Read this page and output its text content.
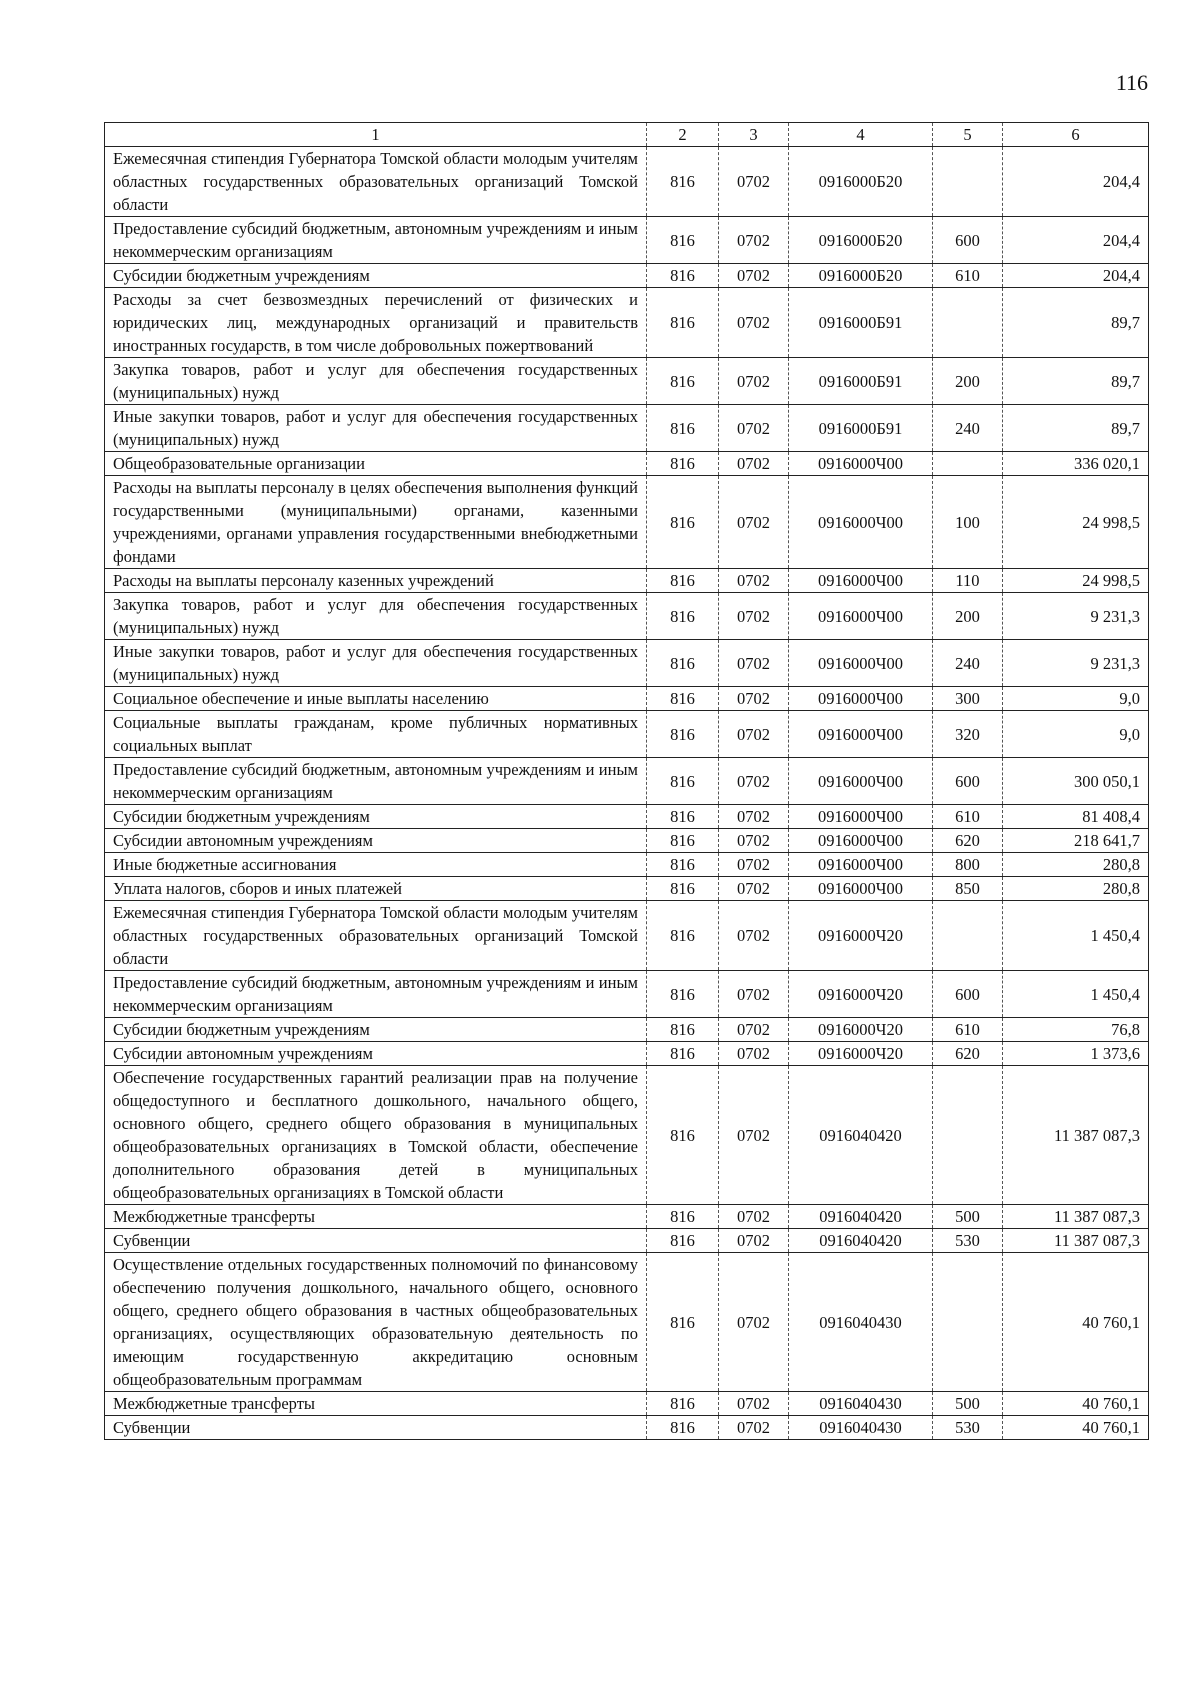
116
1	2	3	4	5	6
Ежемесячная стипендия Губернатора Томской области молодым учителям областных государственных образовательных организаций Томской области	816	0702	0916000Б20		204,4
Предоставление субсидий бюджетным, автономным учреждениям и иным некоммерческим организациям	816	0702	0916000Б20	600	204,4
Субсидии бюджетным учреждениям	816	0702	0916000Б20	610	204,4
Расходы за счет безвозмездных перечислений от физических и юридических лиц, международных организаций и правительств иностранных государств, в том числе добровольных пожертвований	816	0702	0916000Б91		89,7
Закупка товаров, работ и услуг для обеспечения государственных (муниципальных) нужд	816	0702	0916000Б91	200	89,7
Иные закупки товаров, работ и услуг для обеспечения государственных (муниципальных) нужд	816	0702	0916000Б91	240	89,7
Общеобразовательные организации	816	0702	0916000Ч00		336 020,1
Расходы на выплаты персоналу в целях обеспечения выполнения функций государственными (муниципальными) органами, казенными учреждениями, органами управления государственными внебюджетными фондами	816	0702	0916000Ч00	100	24 998,5
Расходы на выплаты персоналу казенных учреждений	816	0702	0916000Ч00	110	24 998,5
Закупка товаров, работ и услуг для обеспечения государственных (муниципальных) нужд	816	0702	0916000Ч00	200	9 231,3
Иные закупки товаров, работ и услуг для обеспечения государственных (муниципальных) нужд	816	0702	0916000Ч00	240	9 231,3
Социальное обеспечение и иные выплаты населению	816	0702	0916000Ч00	300	9,0
Социальные выплаты гражданам, кроме публичных нормативных социальных выплат	816	0702	0916000Ч00	320	9,0
Предоставление субсидий бюджетным, автономным учреждениям и иным некоммерческим организациям	816	0702	0916000Ч00	600	300 050,1
Субсидии бюджетным учреждениям	816	0702	0916000Ч00	610	81 408,4
Субсидии автономным учреждениям	816	0702	0916000Ч00	620	218 641,7
Иные бюджетные ассигнования	816	0702	0916000Ч00	800	280,8
Уплата налогов, сборов и иных платежей	816	0702	0916000Ч00	850	280,8
Ежемесячная стипендия Губернатора Томской области молодым учителям областных государственных образовательных организаций Томской области	816	0702	0916000Ч20		1 450,4
Предоставление субсидий бюджетным, автономным учреждениям и иным некоммерческим организациям	816	0702	0916000Ч20	600	1 450,4
Субсидии бюджетным учреждениям	816	0702	0916000Ч20	610	76,8
Субсидии автономным учреждениям	816	0702	0916000Ч20	620	1 373,6
Обеспечение государственных гарантий реализации прав на получение общедоступного и бесплатного дошкольного, начального общего, основного общего, среднего общего образования в муниципальных общеобразовательных организациях в Томской области, обеспечение дополнительного образования детей в муниципальных общеобразовательных организациях в Томской области	816	0702	0916040420		11 387 087,3
Межбюджетные трансферты	816	0702	0916040420	500	11 387 087,3
Субвенции	816	0702	0916040420	530	11 387 087,3
Осуществление отдельных государственных полномочий по финансовому обеспечению получения дошкольного, начального общего, основного общего, среднего общего образования в частных общеобразовательных организациях, осуществляющих образовательную деятельность по имеющим государственную аккредитацию основным общеобразовательным программам	816	0702	0916040430		40 760,1
Межбюджетные трансферты	816	0702	0916040430	500	40 760,1
Субвенции	816	0702	0916040430	530	40 760,1
